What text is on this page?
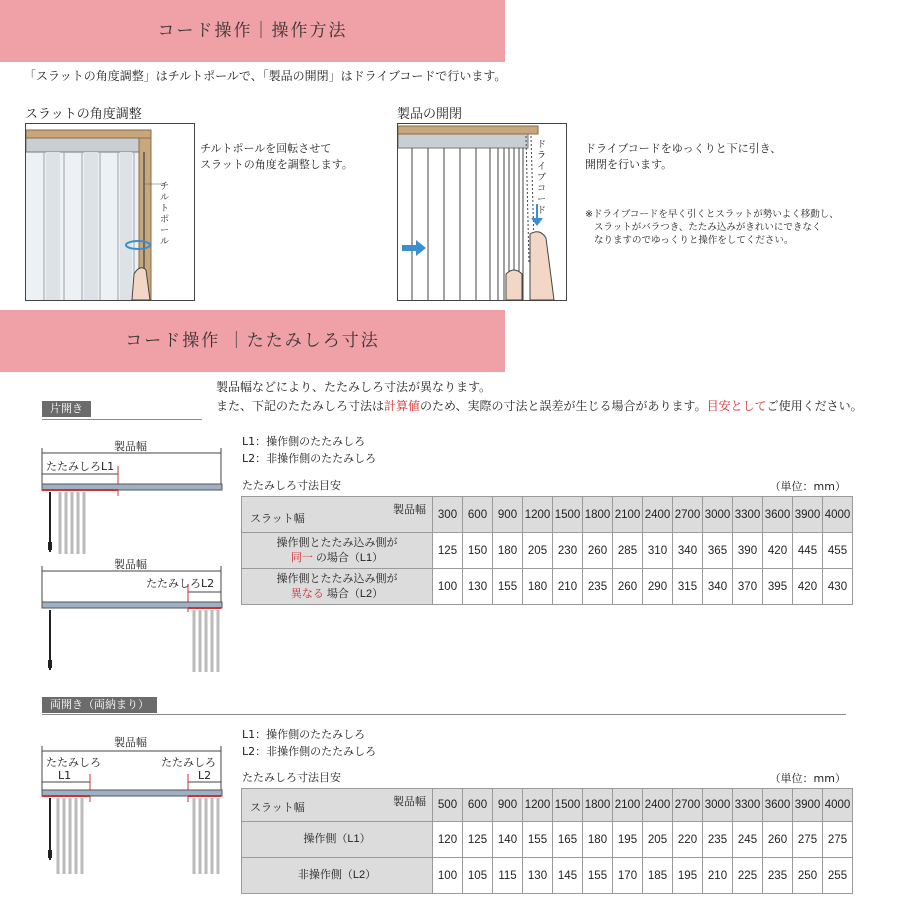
コード操作｜操作方法
「スラットの角度調整」はチルトポールで、「製品の開閉」はドライブコードで行います。
スラットの角度調整
チルトポール
チルトポールを回転させて
スラットの角度を調整します。
製品の開閉
ドライブコード
ドライブコードをゆっくりと下に引き、
開閉を行います。
※ドライブコードを早く引くとスラットが勢いよく移動し、
スラットがバラつき、たたみ込みがきれいにできなく
なりますのでゆっくりと操作をしてください。
コード操作 ｜たたみしろ寸法
製品幅などにより、たたみしろ寸法が異なります。
また、下記のたたみしろ寸法は計算値のため、実際の寸法と誤差が生じる場合があります。目安としてご使用ください。
片開き
製品幅
たたみしろL1
製品幅
たたみしろL2
L1：操作側のたたみしろ
L2：非操作側のたたみしろ
たたみしろ寸法目安	（単位：mm）
製品幅
スラット幅	300	600	900	1200	1500	1800	2100	2400	2700	3000	3300	3600	3900	4000
操作側とたたみ込み側が
同一 の場合（L1）	125	150	180	205	230	260	285	310	340	365	390	420	445	455
操作側とたたみ込み側が
異なる 場合（L2）	100	130	155	180	210	235	260	290	315	340	370	395	420	430
両開き（両納まり）
製品幅
たたみしろ
L1
たたみしろ
L2
L1：操作側のたたみしろ
L2：非操作側のたたみしろ
たたみしろ寸法目安	（単位：mm）
製品幅
スラット幅	500	600	900	1200	1500	1800	2100	2400	2700	3000	3300	3600	3900	4000
操作側（L1）	120	125	140	155	165	180	195	205	220	235	245	260	275	275
非操作側（L2）	100	105	115	130	145	155	170	185	195	210	225	235	250	255
